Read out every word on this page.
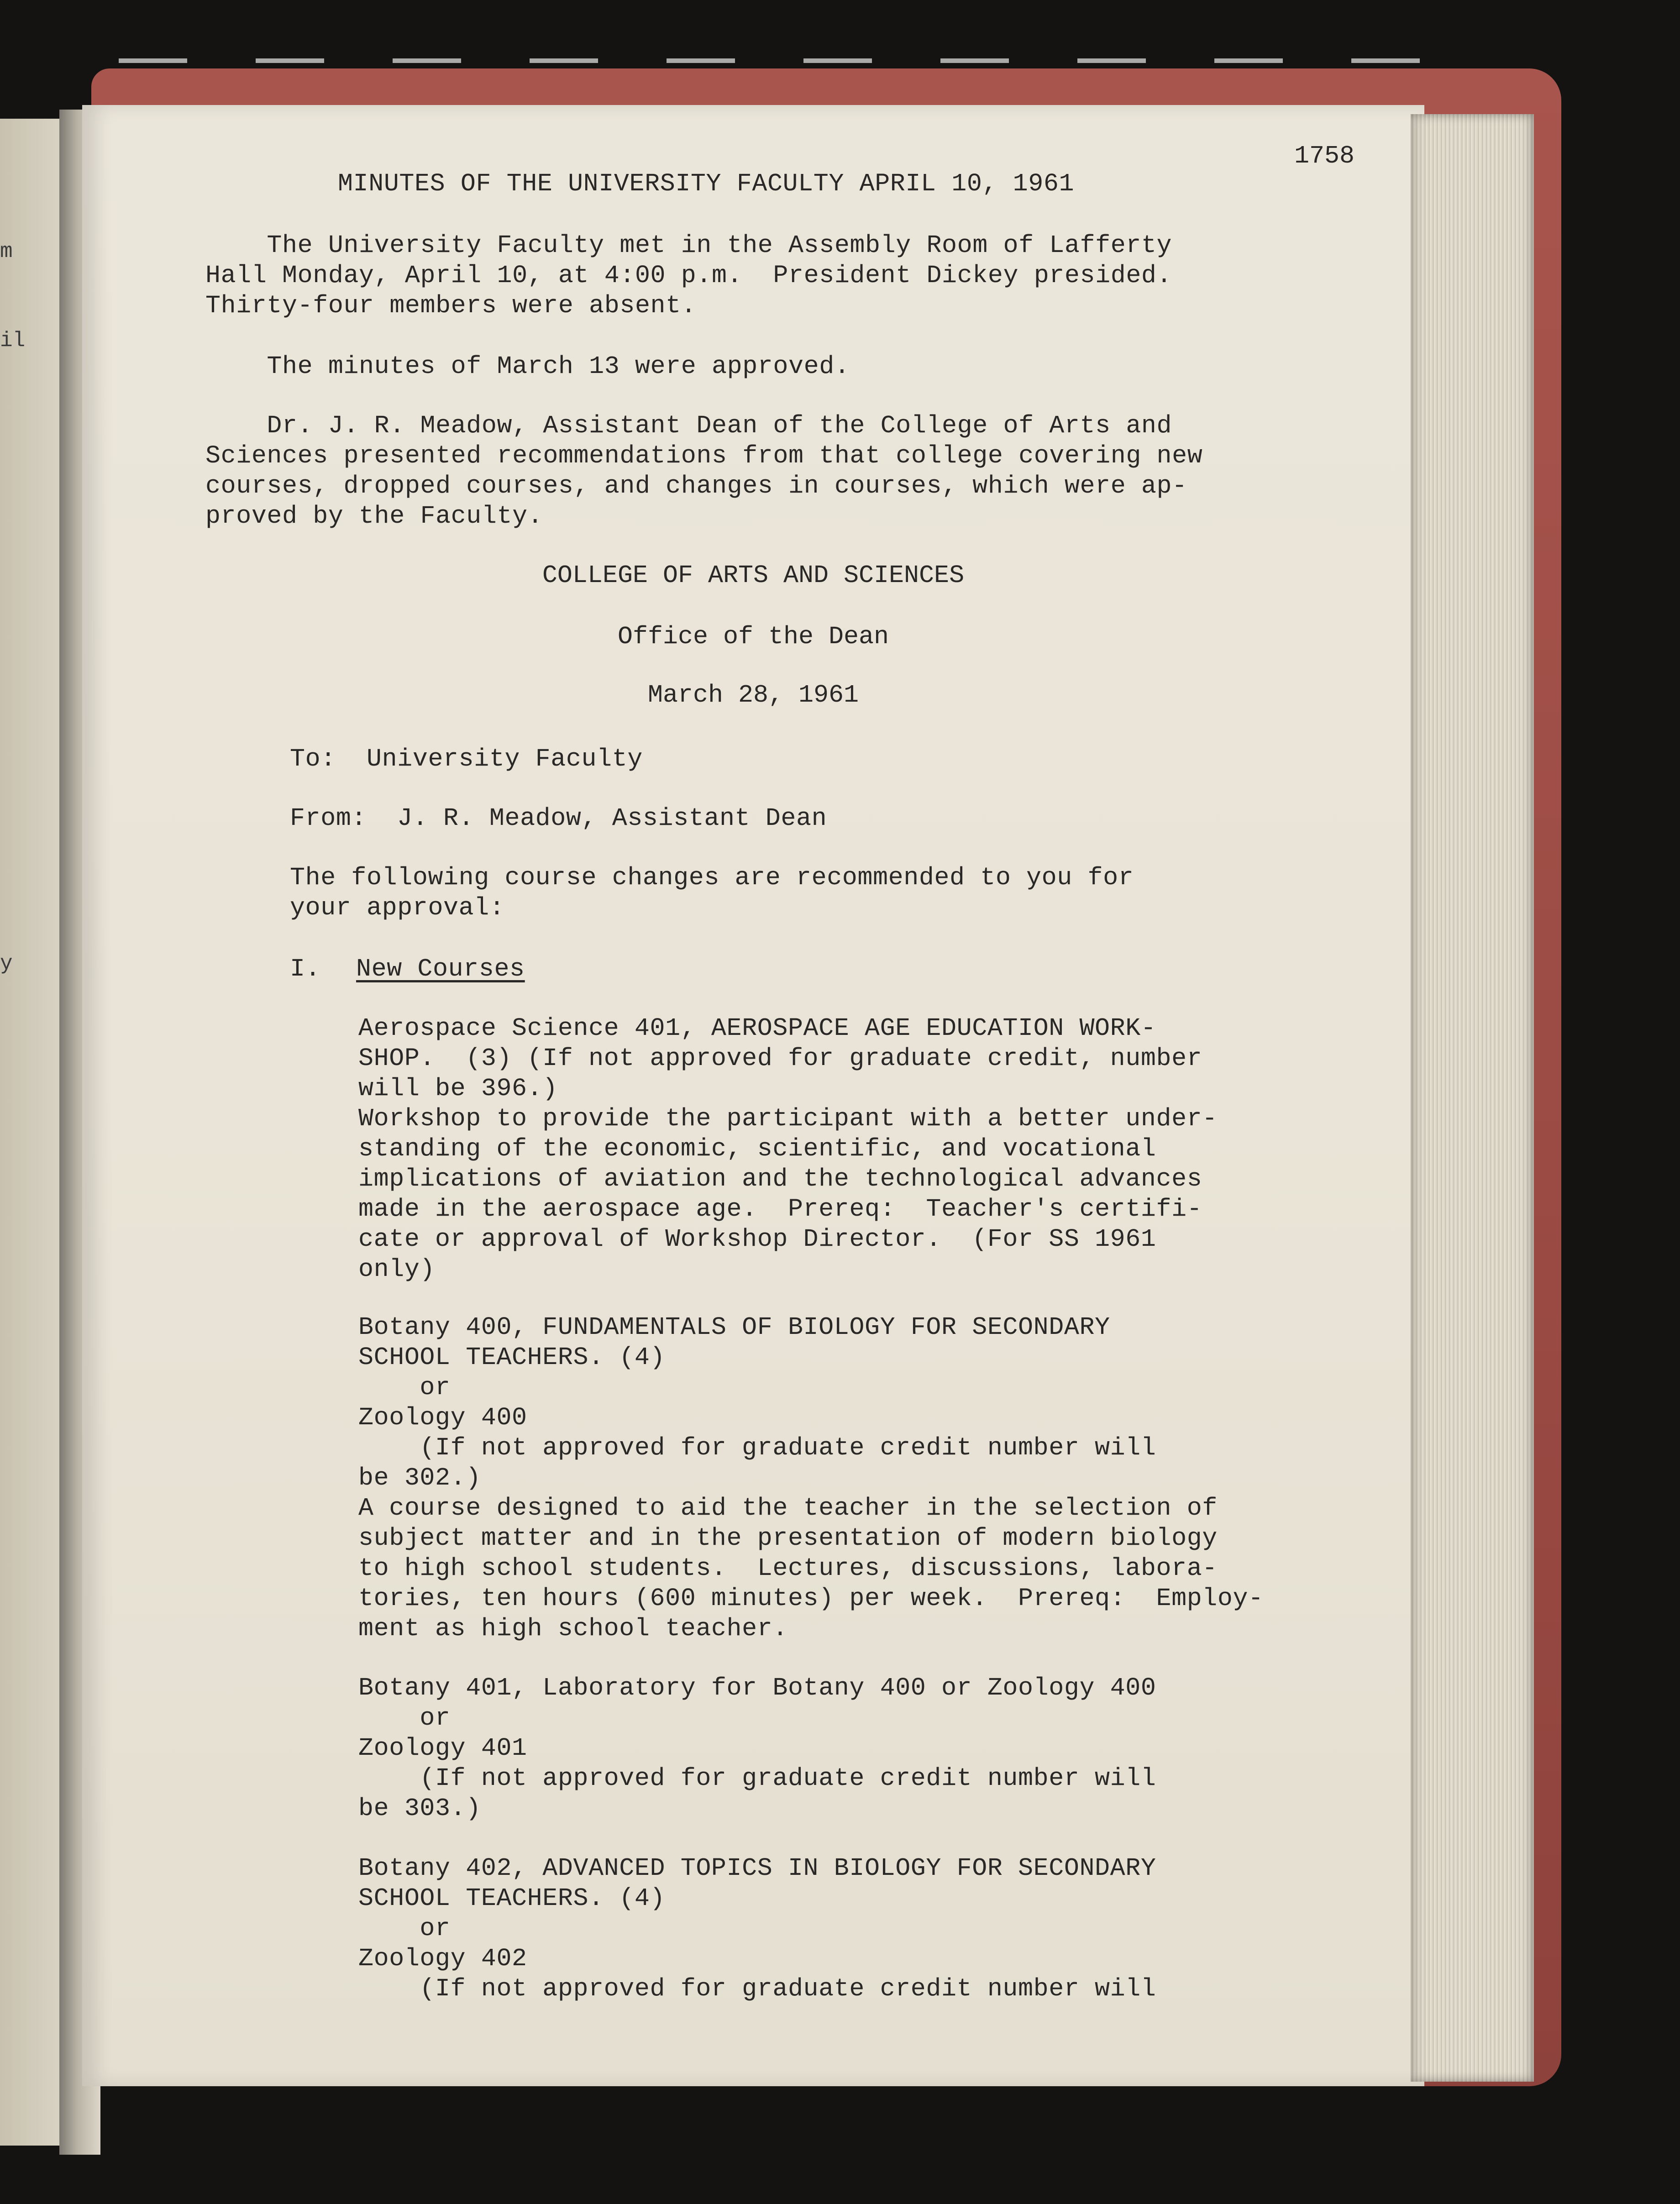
m
il
y
1758
MINUTES OF THE UNIVERSITY FACULTY APRIL 10, 1961
The University Faculty met in the Assembly Room of Lafferty
Hall Monday, April 10, at 4:00 p.m.  President Dickey presided.
Thirty-four members were absent.
The minutes of March 13 were approved.
Dr. J. R. Meadow, Assistant Dean of the College of Arts and
Sciences presented recommendations from that college covering new
courses, dropped courses, and changes in courses, which were ap-
proved by the Faculty.
COLLEGE OF ARTS AND SCIENCES
Office of the Dean
March 28, 1961
To:  University Faculty
From:  J. R. Meadow, Assistant Dean
The following course changes are recommended to you for
your approval:
I. New Courses
Aerospace Science 401, AEROSPACE AGE EDUCATION WORK-
SHOP.  (3) (If not approved for graduate credit, number
will be 396.)
Workshop to provide the participant with a better under-
standing of the economic, scientific, and vocational
implications of aviation and the technological advances
made in the aerospace age.  Prereq:  Teacher's certifi-
cate or approval of Workshop Director.  (For SS 1961
only)
Botany 400, FUNDAMENTALS OF BIOLOGY FOR SECONDARY
SCHOOL TEACHERS. (4)
or
Zoology 400
(If not approved for graduate credit number will
be 302.)
A course designed to aid the teacher in the selection of
subject matter and in the presentation of modern biology
to high school students.  Lectures, discussions, labora-
tories, ten hours (600 minutes) per week.  Prereq:  Employ-
ment as high school teacher.
Botany 401, Laboratory for Botany 400 or Zoology 400
or
Zoology 401
(If not approved for graduate credit number will
be 303.)
Botany 402, ADVANCED TOPICS IN BIOLOGY FOR SECONDARY
SCHOOL TEACHERS. (4)
or
Zoology 402
(If not approved for graduate credit number will
